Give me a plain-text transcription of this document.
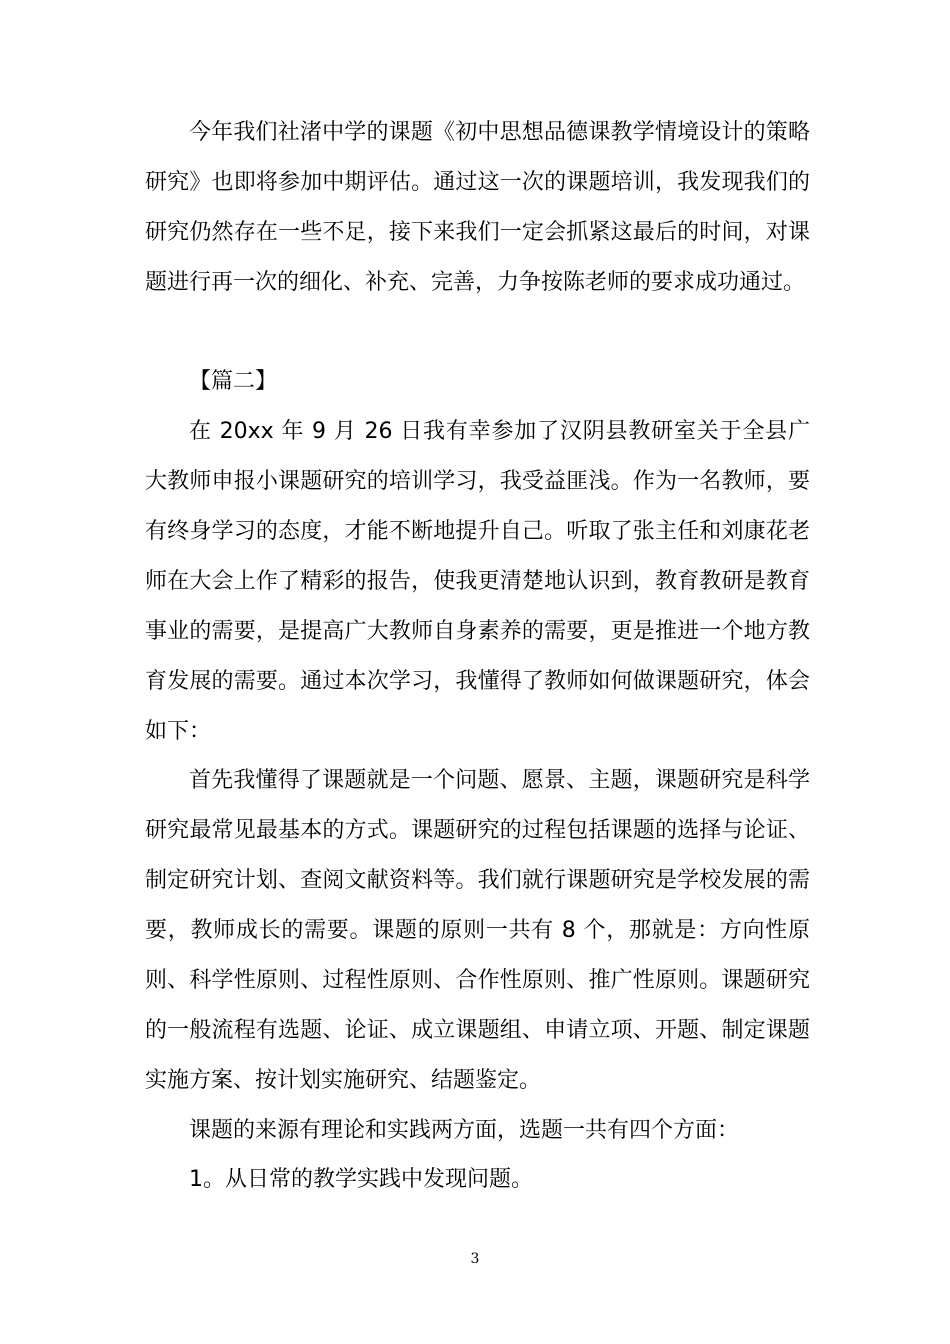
今年我们社渚中学的课题《初中思想品德课教学情境设计的策略研究》也即将参加中期评估。通过这一次的课题培训，我发现我们的研究仍然存在一些不足，接下来我们一定会抓紧这最后的时间，对课题进行再一次的细化、补充、完善，力争按陈老师的要求成功通过。

【篇二】

在 20xx 年 9 月 26 日我有幸参加了汉阴县教研室关于全县广大教师申报小课题研究的培训学习，我受益匪浅。作为一名教师，要有终身学习的态度，才能不断地提升自己。听取了张主任和刘康花老师在大会上作了精彩的报告，使我更清楚地认识到，教育教研是教育事业的需要，是提高广大教师自身素养的需要，更是推进一个地方教育发展的需要。通过本次学习，我懂得了教师如何做课题研究，体会如下：

首先我懂得了课题就是一个问题、愿景、主题，课题研究是科学研究最常见最基本的方式。课题研究的过程包括课题的选择与论证、制定研究计划、查阅文献资料等。我们就行课题研究是学校发展的需要，教师成长的需要。课题的原则一共有 8 个，那就是：方向性原则、科学性原则、过程性原则、合作性原则、推广性原则。课题研究的一般流程有选题、论证、成立课题组、申请立项、开题、制定课题实施方案、按计划实施研究、结题鉴定。

课题的来源有理论和实践两方面，选题一共有四个方面：

1。从日常的教学实践中发现问题。

3
